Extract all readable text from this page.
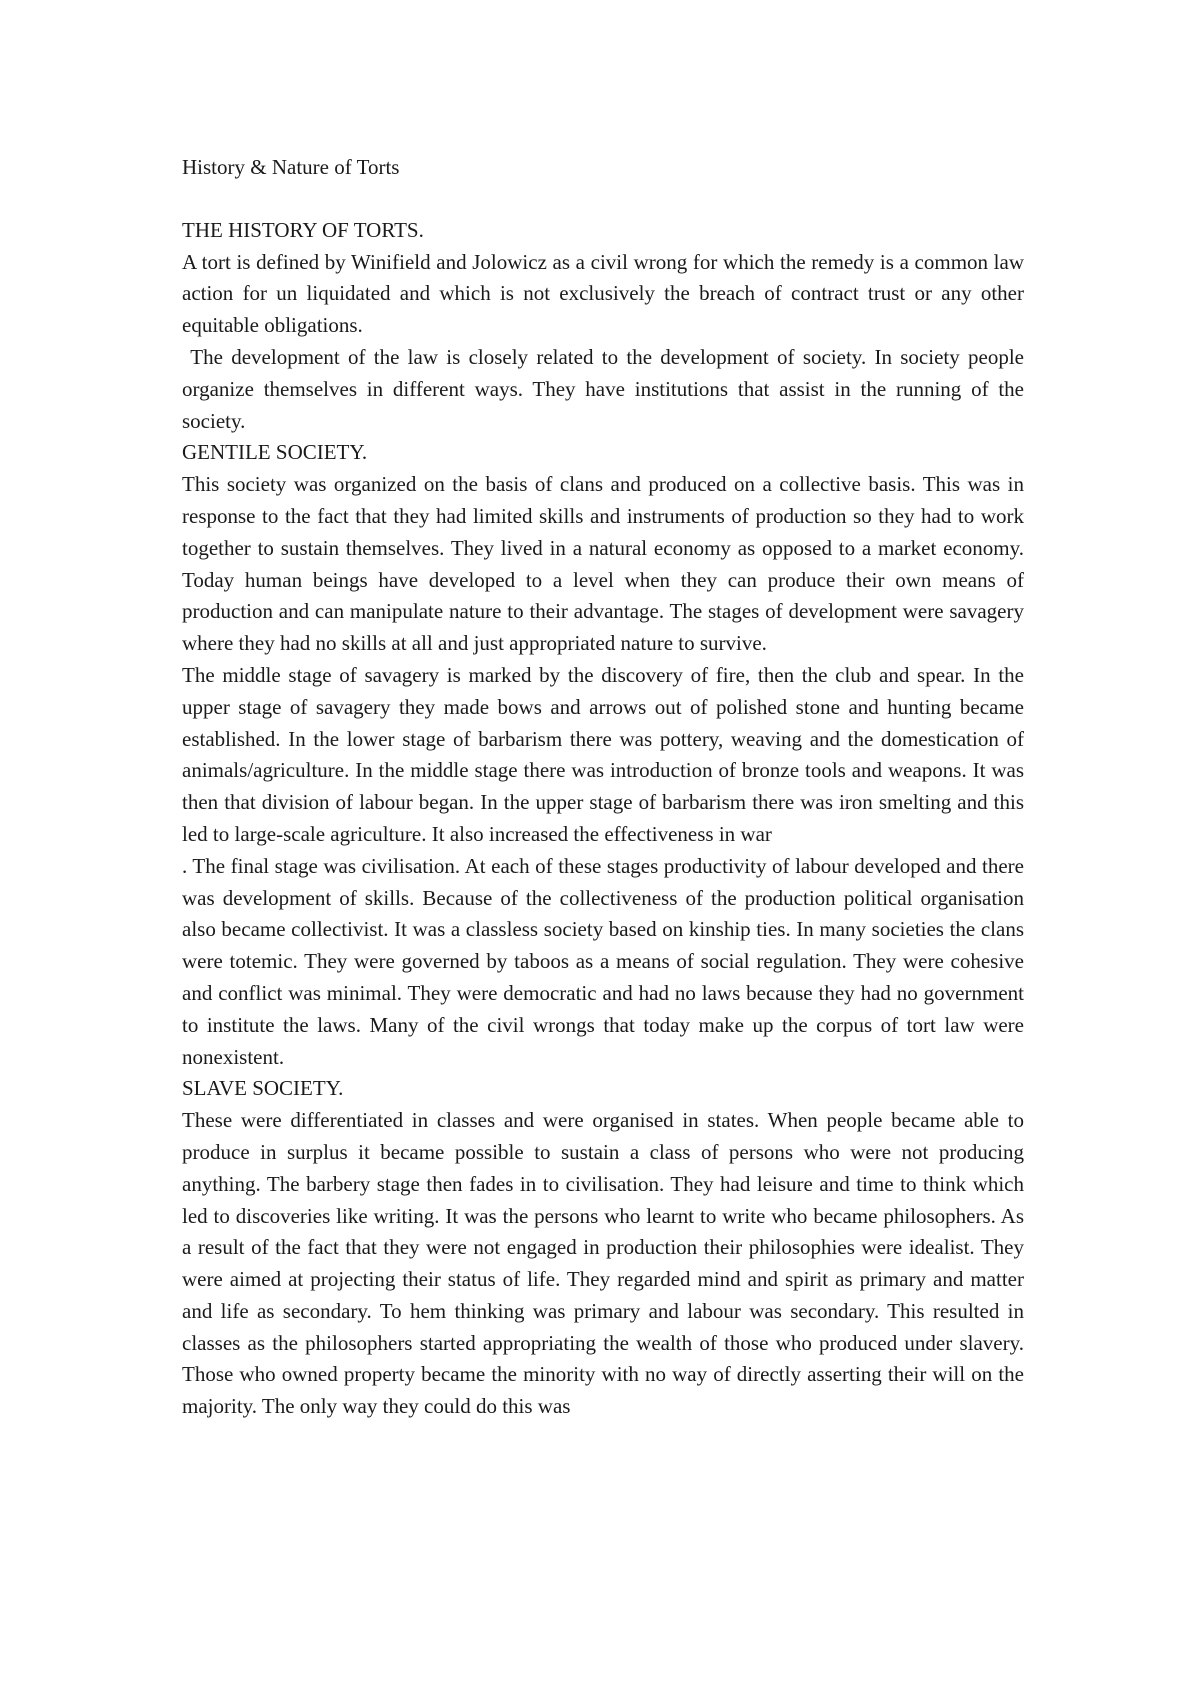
History & Nature of Torts
THE HISTORY OF TORTS.

A tort is defined by Winifield and Jolowicz as a civil wrong for which the remedy is a common law action for un liquidated and which is not exclusively the breach of contract trust or any other equitable obligations.

The development of the law is closely related to the development of society. In society people organize themselves in different ways. They have institutions that assist in the running of the society.

GENTILE SOCIETY.

This society was organized on the basis of clans and produced on a collective basis. This was in response to the fact that they had limited skills and instruments of production so they had to work together to sustain themselves. They lived in a natural economy as opposed to a market economy. Today human beings have developed to a level when they can produce their own means of production and can manipulate nature to their advantage. The stages of development were savagery where they had no skills at all and just appropriated nature to survive.

The middle stage of savagery is marked by the discovery of fire, then the club and spear. In the upper stage of savagery they made bows and arrows out of polished stone and hunting became established. In the lower stage of barbarism there was pottery, weaving and the domestication of animals/agriculture. In the middle stage there was introduction of bronze tools and weapons. It was then that division of labour began. In the upper stage of barbarism there was iron smelting and this led to large-scale agriculture. It also increased the effectiveness in war

. The final stage was civilisation. At each of these stages productivity of labour developed and there was development of skills. Because of the collectiveness of the production political organisation also became collectivist. It was a classless society based on kinship ties. In many societies the clans were totemic. They were governed by taboos as a means of social regulation. They were cohesive and conflict was minimal. They were democratic and had no laws because they had no government to institute the laws. Many of the civil wrongs that today make up the corpus of tort law were nonexistent.

SLAVE SOCIETY.

These were differentiated in classes and were organised in states. When people became able to produce in surplus it became possible to sustain a class of persons who were not producing anything. The barbery stage then fades in to civilisation. They had leisure and time to think which led to discoveries like writing. It was the persons who learnt to write who became philosophers. As a result of the fact that they were not engaged in production their philosophies were idealist. They were aimed at projecting their status of life. They regarded mind and spirit as primary and matter and life as secondary. To hem thinking was primary and labour was secondary. This resulted in classes as the philosophers started appropriating the wealth of those who produced under slavery. Those who owned property became the minority with no way of directly asserting their will on the majority. The only way they could do this was
